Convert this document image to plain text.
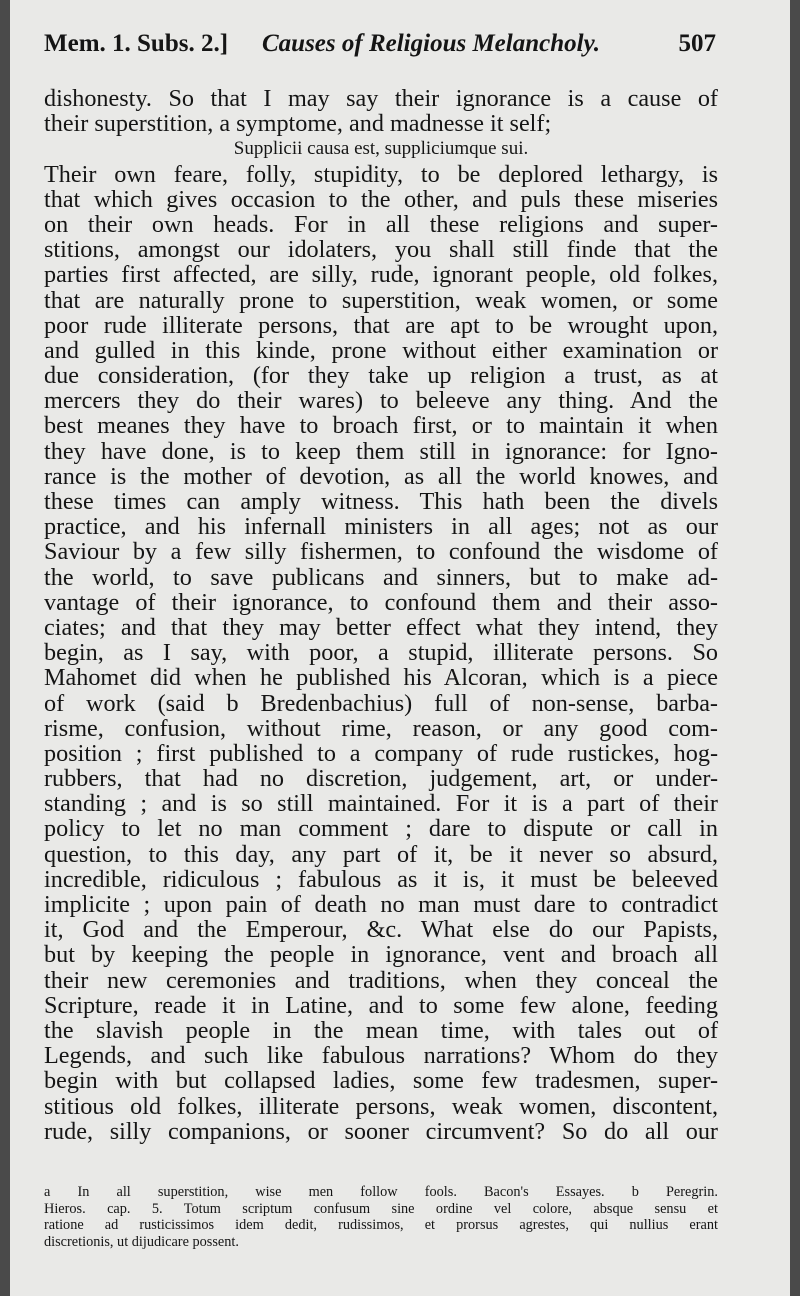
Mem. 1. Subs. 2.] Causes of Religious Melancholy.	507
dishonesty. So that I may say their ignorance is a cause of
their superstition, a symptome, and madnesse it self;
Supplicii causa est, suppliciumque sui.
Their own feare, folly, stupidity, to be deplored lethargy, is
that which gives occasion to the other, and puls these miseries
on their own heads. For in all these religions and super-
stitions, amongst our idolaters, you shall still finde that the
parties first affected, are silly, rude, ignorant people, old folkes,
that are naturally prone to superstition, weak women, or some
poor rude illiterate persons, that are apt to be wrought upon,
and gulled in this kinde, prone without either examination or
due consideration, (for they take up religion a trust, as at
mercers they do their wares) to beleeve any thing. And the
best meanes they have to broach first, or to maintain it when
they have done, is to keep them still in ignorance: for Igno-
rance is the mother of devotion, as all the world knowes, and
these times can amply witness. This hath been the divels
practice, and his infernall ministers in all ages; not as our
Saviour by a few silly fishermen, to confound the wisdome of
the world, to save publicans and sinners, but to make ad-
vantage of their ignorance, to confound them and their asso-
ciates; and that they may better effect what they intend, they
begin, as I say, with poor, a stupid, illiterate persons. So
Mahomet did when he published his Alcoran, which is a piece
of work (said b Bredenbachius) full of non-sense, barba-
risme, confusion, without rime, reason, or any good com-
position ; first published to a company of rude rustickes, hog-
rubbers, that had no discretion, judgement, art, or under-
standing ; and is so still maintained. For it is a part of their
policy to let no man comment ; dare to dispute or call in
question, to this day, any part of it, be it never so absurd,
incredible, ridiculous ; fabulous as it is, it must be beleeved
implicite ; upon pain of death no man must dare to contradict
it, God and the Emperour, &c. What else do our Papists,
but by keeping the people in ignorance, vent and broach all
their new ceremonies and traditions, when they conceal the
Scripture, reade it in Latine, and to some few alone, feeding
the slavish people in the mean time, with tales out of
Legends, and such like fabulous narrations? Whom do they
begin with but collapsed ladies, some few tradesmen, super-
stitious old folkes, illiterate persons, weak women, discontent,
rude, silly companions, or sooner circumvent? So do all our
a In all superstition, wise men follow fools. Bacon's Essayes. b Peregrin.
Hieros. cap. 5. Totum scriptum confusum sine ordine vel colore, absque sensu et
ratione ad rusticissimos idem dedit, rudissimos, et prorsus agrestes, qui nullius erant
discretionis, ut dijudicare possent.
